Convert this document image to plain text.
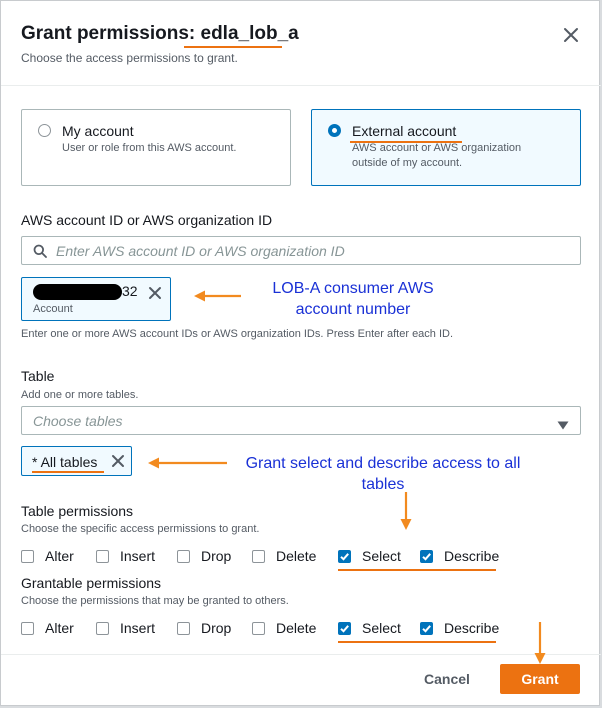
Grant permissions: edla_lob_a
Choose the access permissions to grant.
My account
User or role from this AWS account.
External account
AWS account or AWS organization outside of my account.
AWS account ID or AWS organization ID
Enter AWS account ID or AWS organization ID
32
Account
LOB-A consumer AWS account number
Enter one or more AWS account IDs or AWS organization IDs. Press Enter after each ID.
Table
Add one or more tables.
Choose tables
* All tables	Grant select and describe access to all tables
Table permissions
Choose the specific access permissions to grant.
Alter	Insert	Drop	Delete	Select	Describe
Grantable permissions
Choose the permissions that may be granted to others.
Alter	Insert	Drop	Delete	Select	Describe
Cancel	Grant
